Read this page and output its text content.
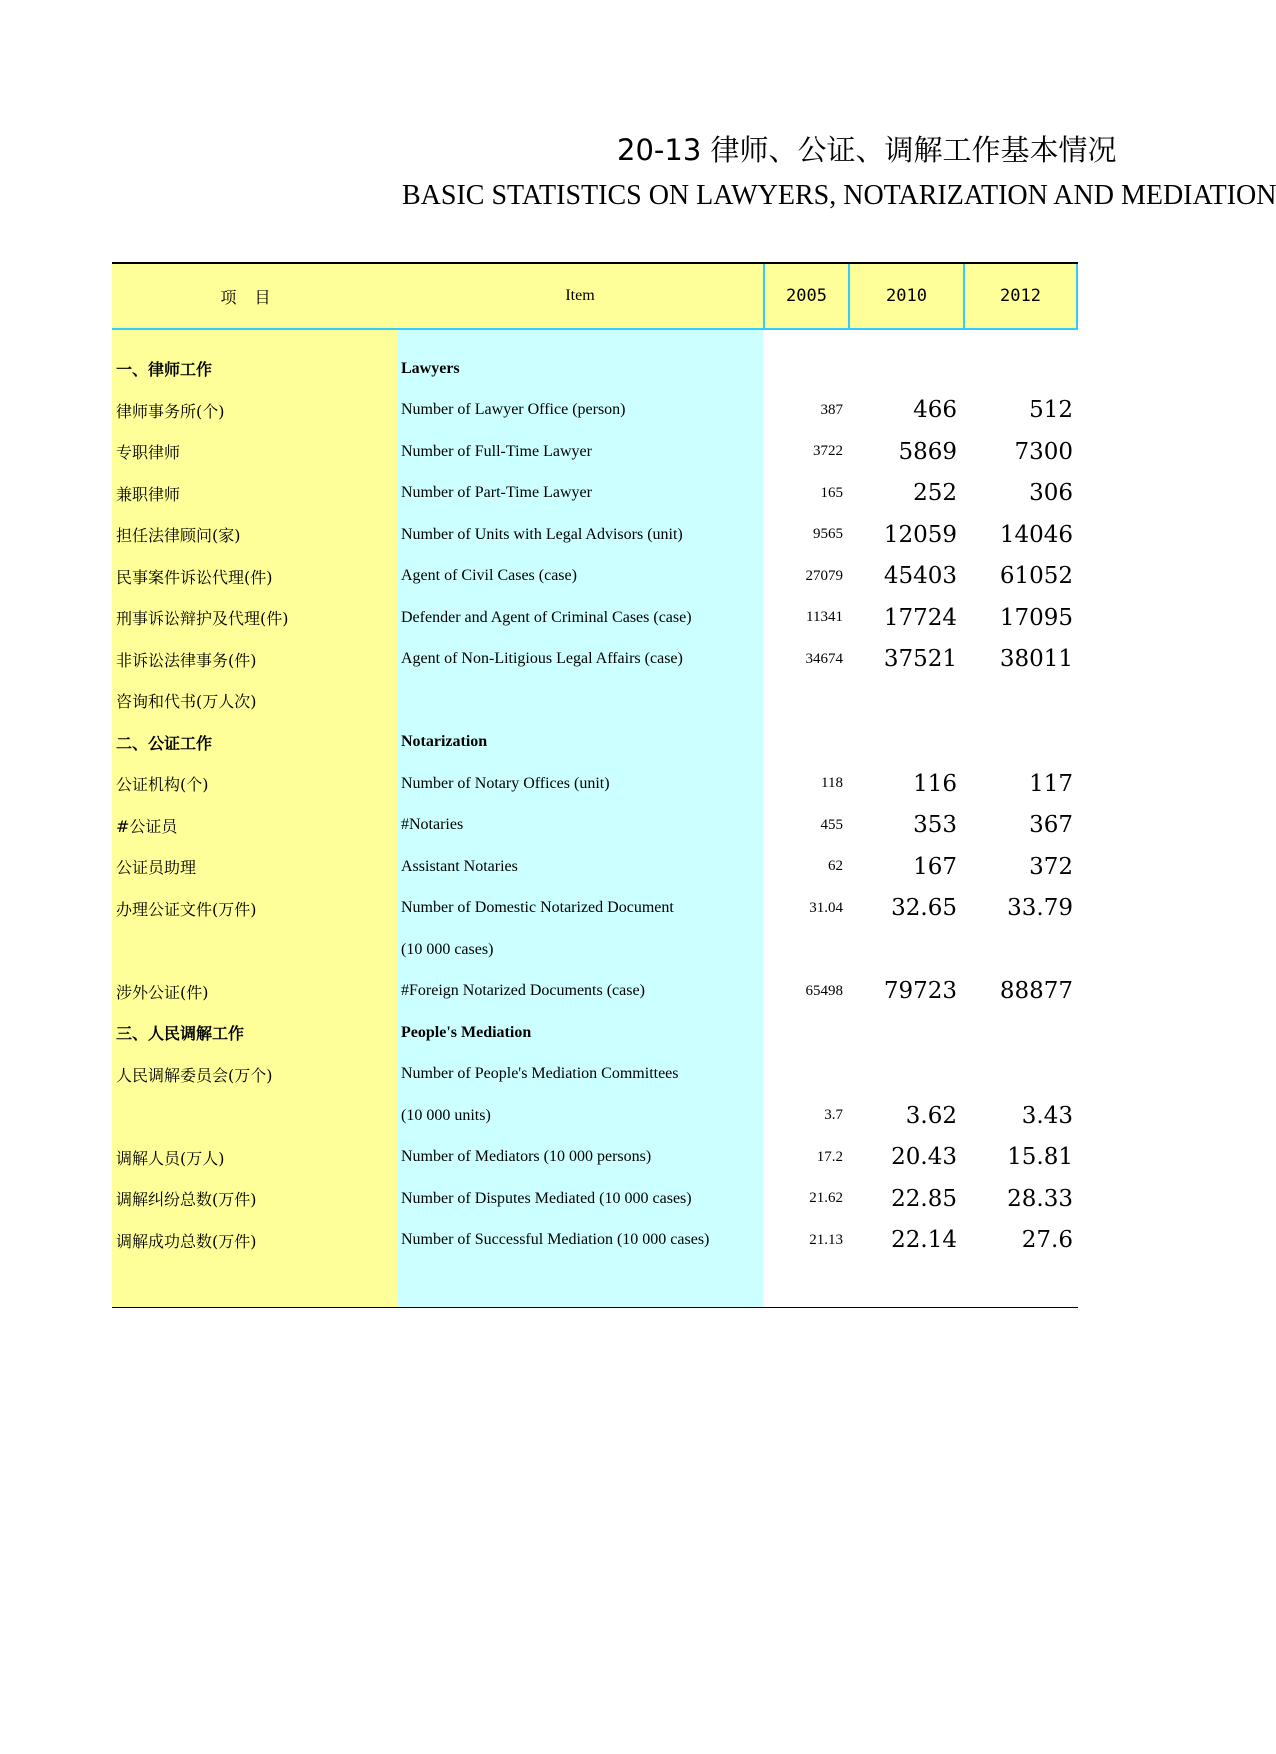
20-13 律师、公证、调解工作基本情况
BASIC STATISTICS ON LAWYERS, NOTARIZATION AND MEDIATION
项目	Item	2005	2010	2012
一、律师工作	Lawyers
律师事务所(个)	Number of Lawyer Office (person)	387	466	512
专职律师	Number of Full-Time Lawyer	3722	5869	7300
兼职律师	Number of Part-Time Lawyer	165	252	306
担任法律顾问(家)	Number of Units with Legal Advisors (unit)	9565	12059	14046
民事案件诉讼代理(件)	Agent of Civil Cases (case)	27079	45403	61052
刑事诉讼辩护及代理(件)	Defender and Agent of Criminal Cases (case)	11341	17724	17095
非诉讼法律事务(件)	Agent of Non-Litigious Legal Affairs (case)	34674	37521	38011
咨询和代书(万人次)
二、公证工作	Notarization
公证机构(个)	Number of Notary Offices (unit)	118	116	117
#公证员	#Notaries	455	353	367
公证员助理	Assistant Notaries	62	167	372
办理公证文件(万件)	Number of Domestic Notarized Document	31.04	32.65	33.79
(10 000 cases)
涉外公证(件)	#Foreign Notarized Documents (case)	65498	79723	88877
三、人民调解工作	People's Mediation
人民调解委员会(万个)	Number of People's Mediation Committees
(10 000 units)	3.7	3.62	3.43
调解人员(万人)	Number of Mediators (10 000 persons)	17.2	20.43	15.81
调解纠纷总数(万件)	Number of Disputes Mediated (10 000 cases)	21.62	22.85	28.33
调解成功总数(万件)	Number of Successful Mediation (10 000 cases)	21.13	22.14	27.6
